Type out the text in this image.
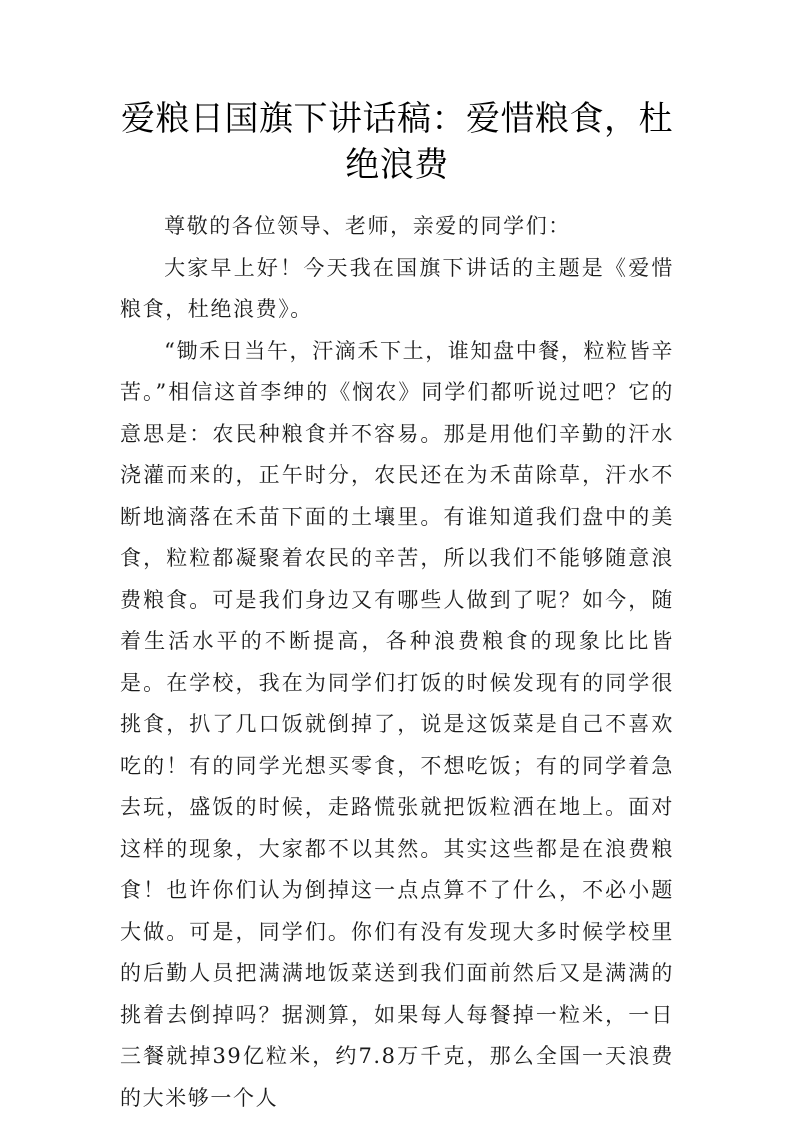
爱粮日国旗下讲话稿：爱惜粮食，杜绝浪费

尊敬的各位领导、老师，亲爱的同学们：

大家早上好！今天我在国旗下讲话的主题是《爱惜粮食，杜绝浪费》。

“锄禾日当午，汗滴禾下土，谁知盘中餐，粒粒皆辛苦。”相信这首李绅的《悯农》同学们都听说过吧？它的意思是：农民种粮食并不容易。那是用他们辛勤的汗水浇灌而来的，正午时分，农民还在为禾苗除草，汗水不断地滴落在禾苗下面的土壤里。有谁知道我们盘中的美食，粒粒都凝聚着农民的辛苦，所以我们不能够随意浪费粮食。可是我们身边又有哪些人做到了呢？如今，随着生活水平的不断提高，各种浪费粮食的现象比比皆是。在学校，我在为同学们打饭的时候发现有的同学很挑食，扒了几口饭就倒掉了，说是这饭菜是自己不喜欢吃的！有的同学光想买零食，不想吃饭；有的同学着急去玩，盛饭的时候，走路慌张就把饭粒洒在地上。面对这样的现象，大家都不以其然。其实这些都是在浪费粮食！也许你们认为倒掉这一点点算不了什么，不必小题大做。可是，同学们。你们有没有发现大多时候学校里的后勤人员把满满地饭菜送到我们面前然后又是满满的挑着去倒掉吗？据测算，如果每人每餐掉一粒米，一日三餐就掉39亿粒米，约7.8万千克，那么全国一天浪费的大米够一个人
